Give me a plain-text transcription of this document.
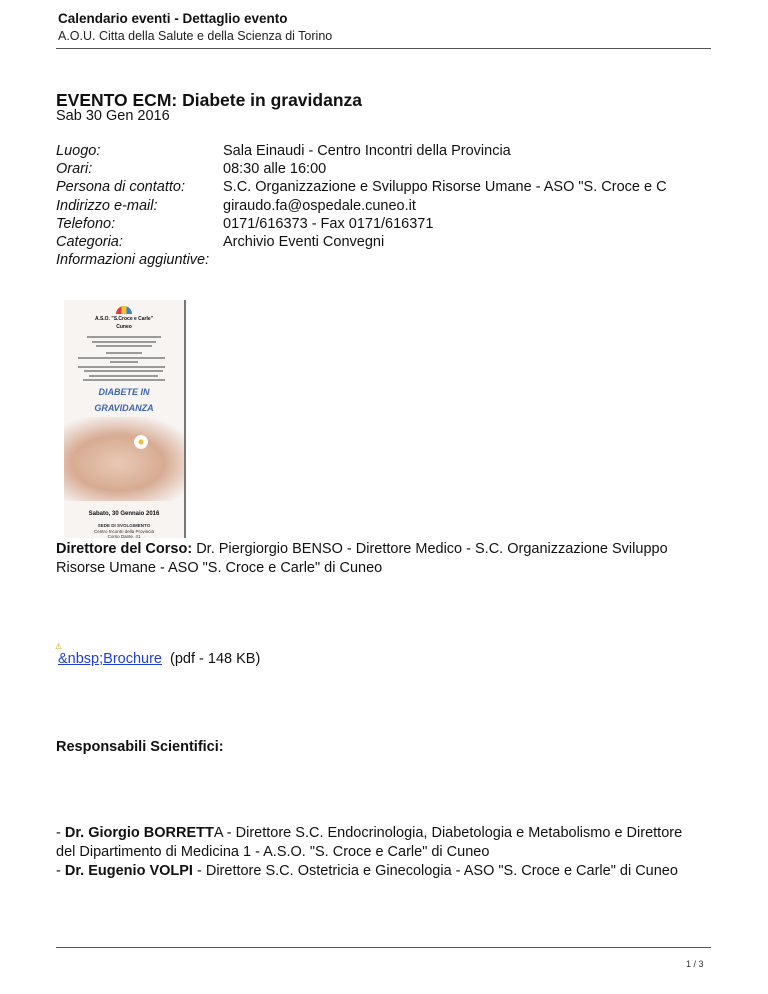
Calendario eventi - Dettaglio evento
A.O.U. Citta della Salute e della Scienza di Torino
EVENTO ECM: Diabete in gravidanza
Sab 30 Gen 2016
Luogo:	Sala Einaudi - Centro Incontri della Provincia
Orari:	08:30 alle 16:00
Persona di contatto:	S.C. Organizzazione e Sviluppo Risorse Umane - ASO "S. Croce e C
Indirizzo e-mail:	giraudo.fa@ospedale.cuneo.it
Telefono:	0171/616373 - Fax 0171/616371
Categoria:	Archivio Eventi Convegni
Informazioni aggiuntive:
A.S.O. "S.Croce e Carle"
Cuneo
DIABETE IN
GRAVIDANZA
Sabato, 30 Gennaio 2016
SEDE DI SVOLGIMENTO
Centro Incontri della Provincia
Corso Dante, 41
Direttore del Corso: Dr. Piergiorgio BENSO - Direttore Medico - S.C. Organizzazione Sviluppo Risorse Umane - ASO "S. Croce e Carle" di Cuneo
⚠
&nbsp;Brochure  (pdf - 148 KB)
Responsabili Scientifici:
- Dr. Giorgio BORRETTA - Direttore S.C. Endocrinologia, Diabetologia e Metabolismo e Direttore del Dipartimento di Medicina 1 - A.S.O. "S. Croce e Carle" di Cuneo
- Dr. Eugenio VOLPI - Direttore S.C. Ostetricia e Ginecologia - ASO "S. Croce e Carle" di Cuneo
1 / 3
